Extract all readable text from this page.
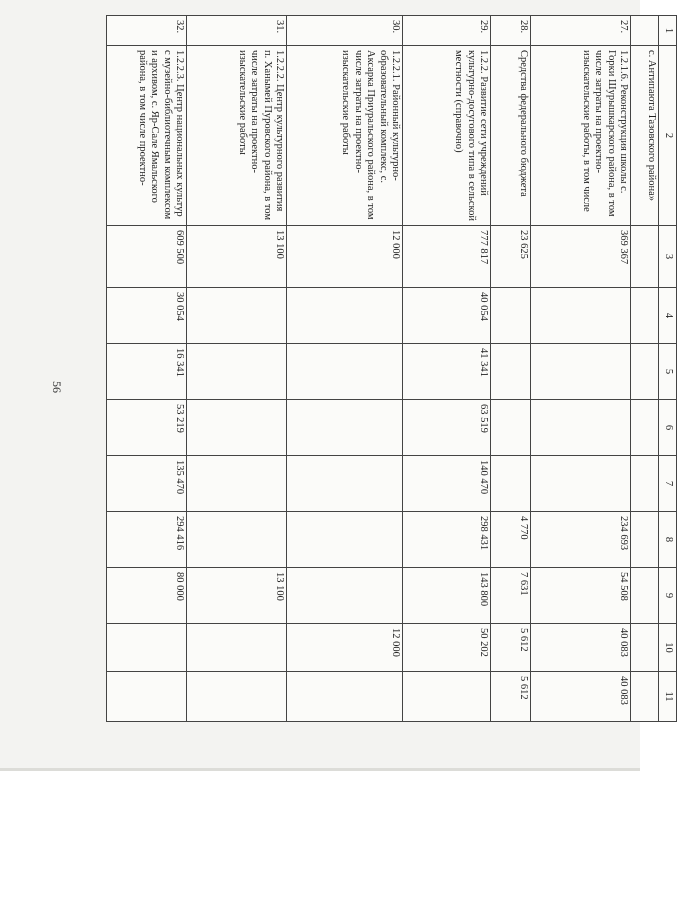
56
1	2	3	4	5	6	7	8	9	10	11
	с. Антипаюта Тазовского района»									
27.	1.2.1.6. Реконструкция школы с. Горки Шурышкарского района, в том числе затраты на проектно-изыскательские работы, в том числе	369 367					234 693	54 508	40 083	40 083
28.	Средства федерального бюджета	23 625					4 770	7 631	5 612	5 612
29.	1.2.2. Развитие сети учреждений культурно-досугового типа в сельской местности (справочно)	777 817	40 054	41 341	63 519	140 470	298 431	143 800	50 202	
30.	1.2.2.1. Районный культурно-образовательный комплекс, с. Аксарка Приуральского района, в том числе затраты на проектно-изыскательские работы	12 000							12 000	
31.	1.2.2.2. Центр культурного развития п. Ханымей Пуровского района, в том числе затраты на проектно-изыскательские работы	13 100						13 100		
32.	1.2.2.3. Центр национальных культур с музейно-библиотечным комплексом и архивом, с. Яр-Сале Ямальского района, в том числе проектно-	609 500	30 054	16 341	53 219	135 470	294 416	80 000		
